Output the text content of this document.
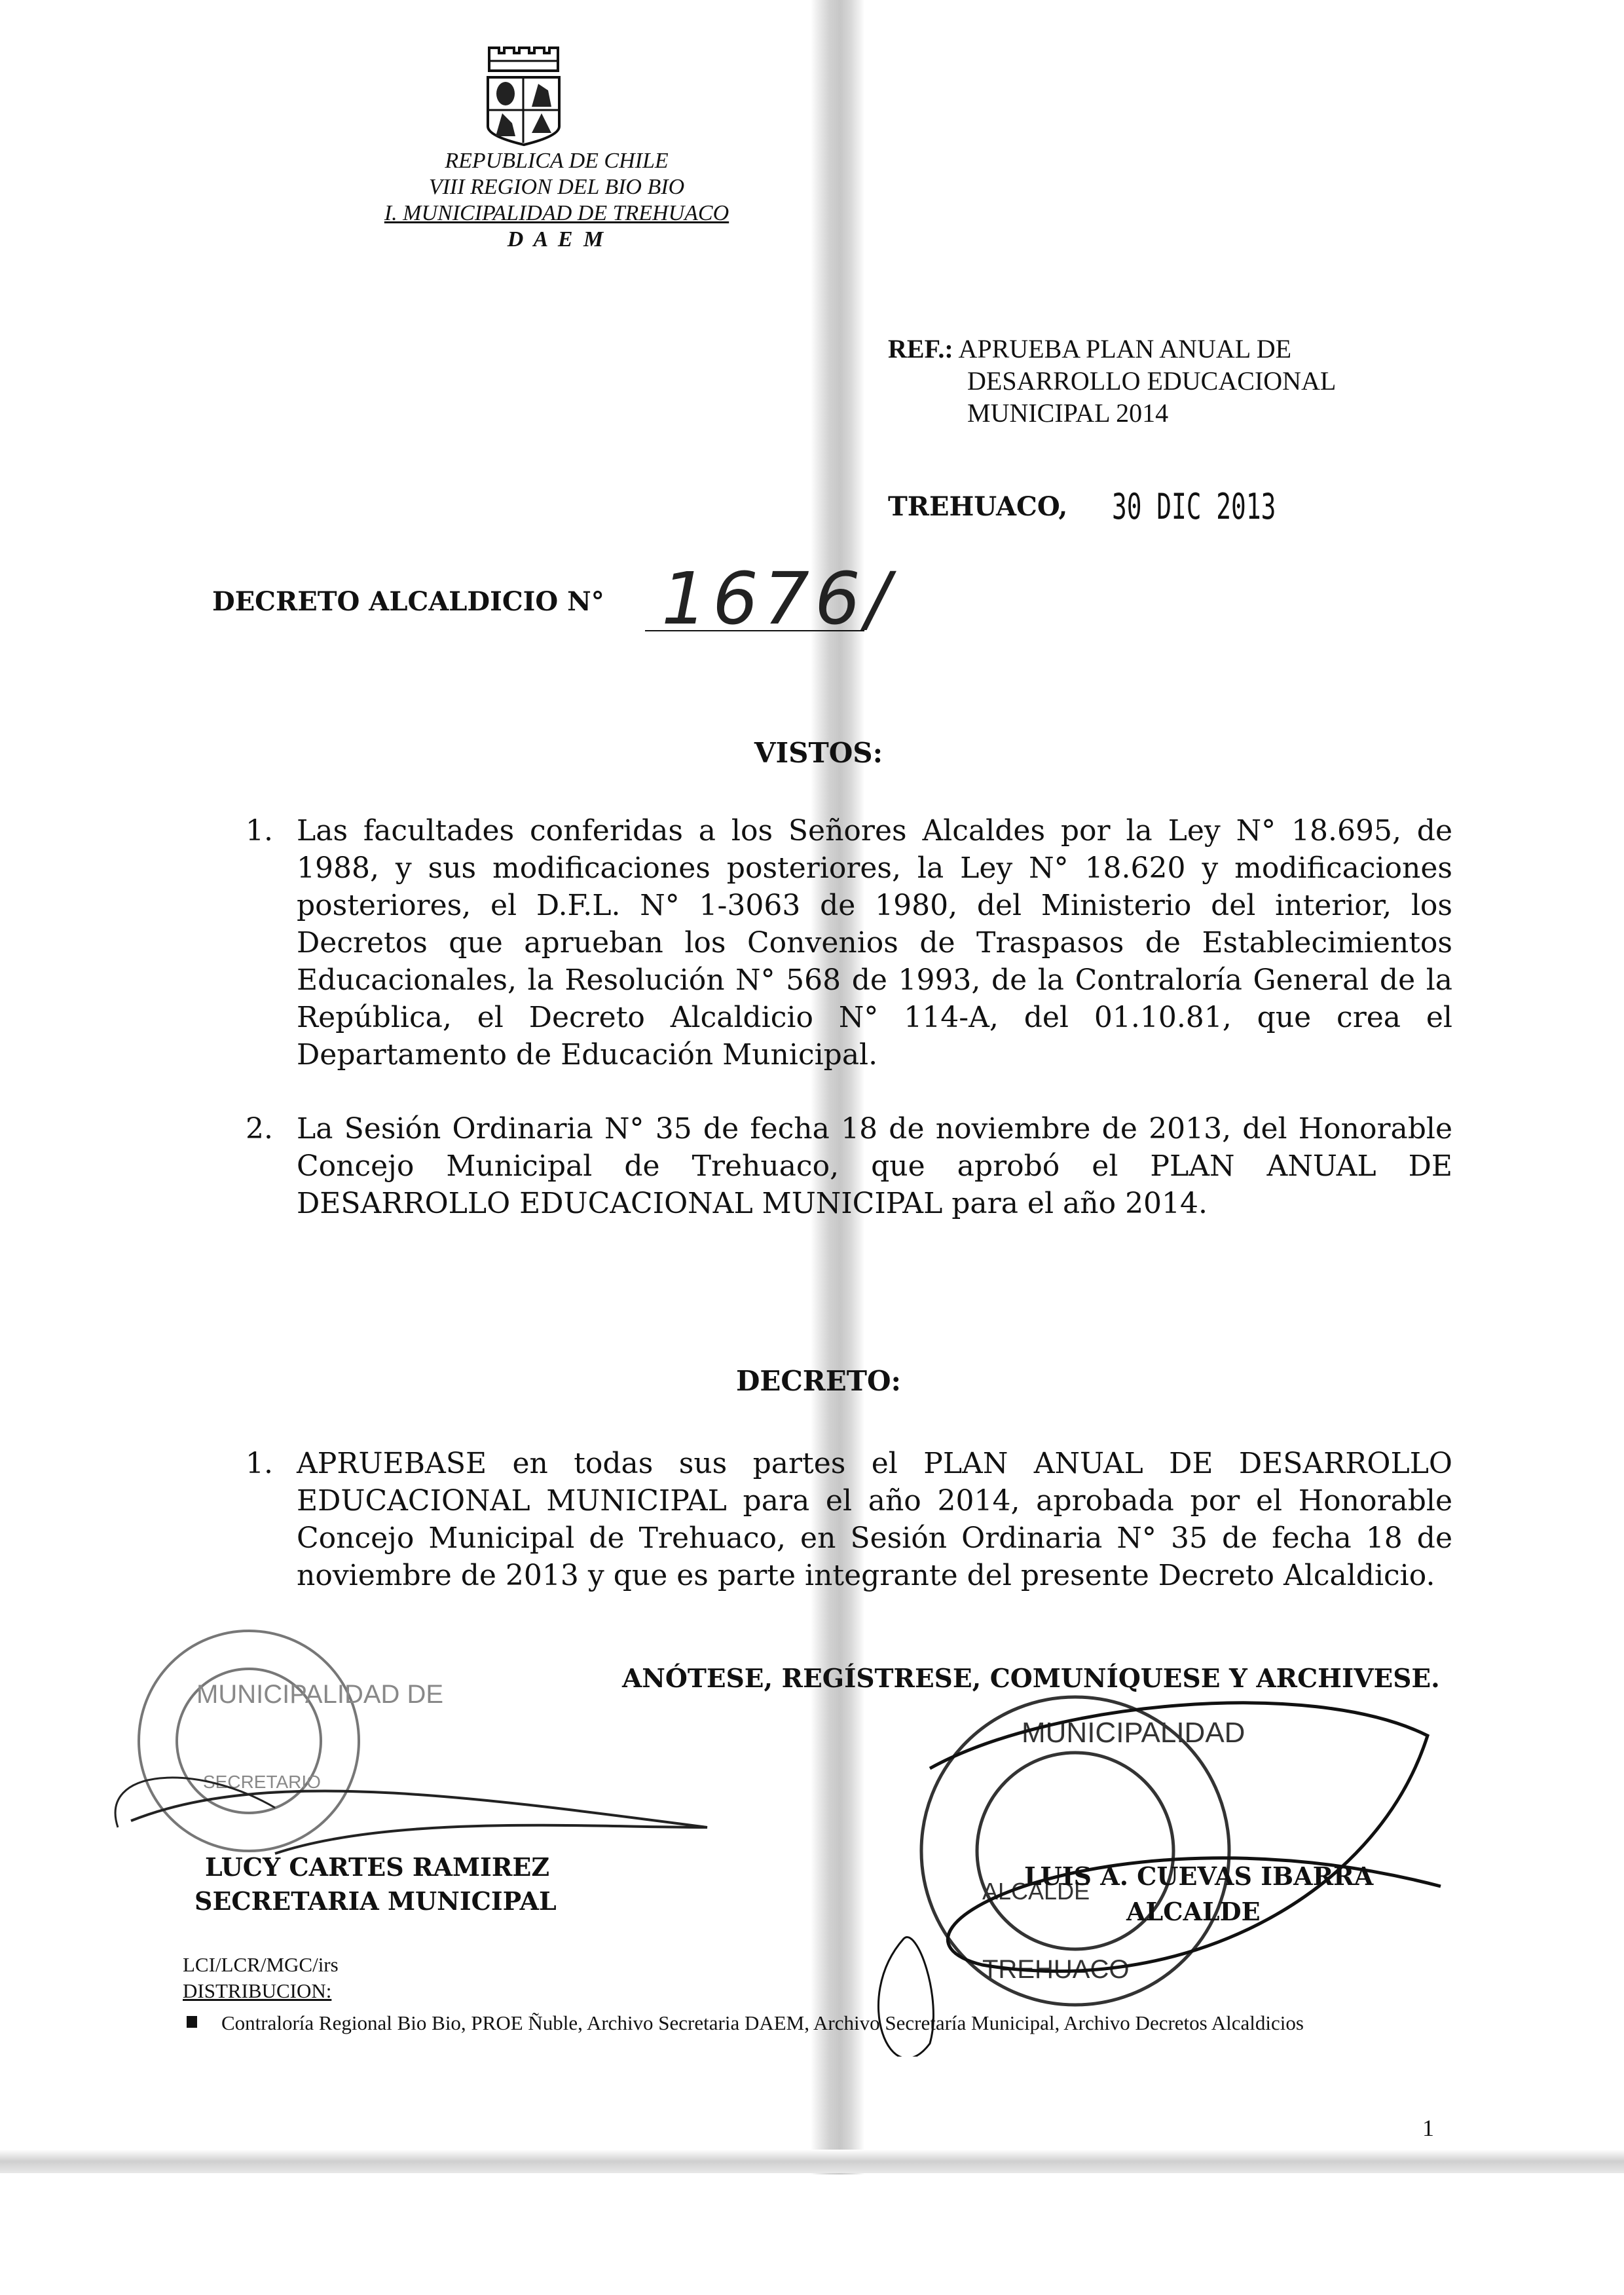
REPUBLICA DE CHILE
VIII REGION DEL BIO BIO
I. MUNICIPALIDAD DE TREHUACO
D A E M
REF.: APRUEBA PLAN ANUAL DE
DESARROLLO EDUCACIONAL
MUNICIPAL 2014
TREHUACO, 30 DIC 2013
DECRETO ALCALDICIO N° 1676/
VISTOS:
1. Las facultades conferidas a los Señores Alcaldes por la Ley N° 18.695, de 1988, y sus modificaciones posteriores, la Ley N° 18.620 y modificaciones posteriores, el D.F.L. N° 1-3063 de 1980, del Ministerio del interior, los Decretos que aprueban los Convenios de Traspasos de Establecimientos Educacionales, la Resolución N° 568 de 1993, de la Contraloría General de la República, el Decreto Alcaldicio N° 114-A, del 01.10.81, que crea el Departamento de Educación Municipal.
2. La Sesión Ordinaria N° 35 de fecha 18 de noviembre de 2013, del Honorable Concejo Municipal de Trehuaco, que aprobó el PLAN ANUAL DE DESARROLLO EDUCACIONAL MUNICIPAL para el año 2014.
DECRETO:
1. APRUEBASE en todas sus partes el PLAN ANUAL DE DESARROLLO EDUCACIONAL MUNICIPAL para el año 2014, aprobada por el Honorable Concejo Municipal de Trehuaco, en Sesión Ordinaria N° 35 de fecha 18 de noviembre de 2013 y que es parte integrante del presente Decreto Alcaldicio.
ANÓTESE, REGÍSTRESE, COMUNÍQUESE Y ARCHIVESE.
MUNICIPALIDAD DE
SECRETARIO
MUNICIPALIDAD
ALCALDE
TREHUACO
LUCY CARTES RAMIREZ
SECRETARIA MUNICIPAL
LUIS A. CUEVAS IBARRA
ALCALDE
LCI/LCR/MGC/irs
DISTRIBUCION:
Contraloría Regional Bio Bio, PROE Ñuble, Archivo Secretaria DAEM, Archivo Secretaría Municipal, Archivo Decretos Alcaldicios
1
